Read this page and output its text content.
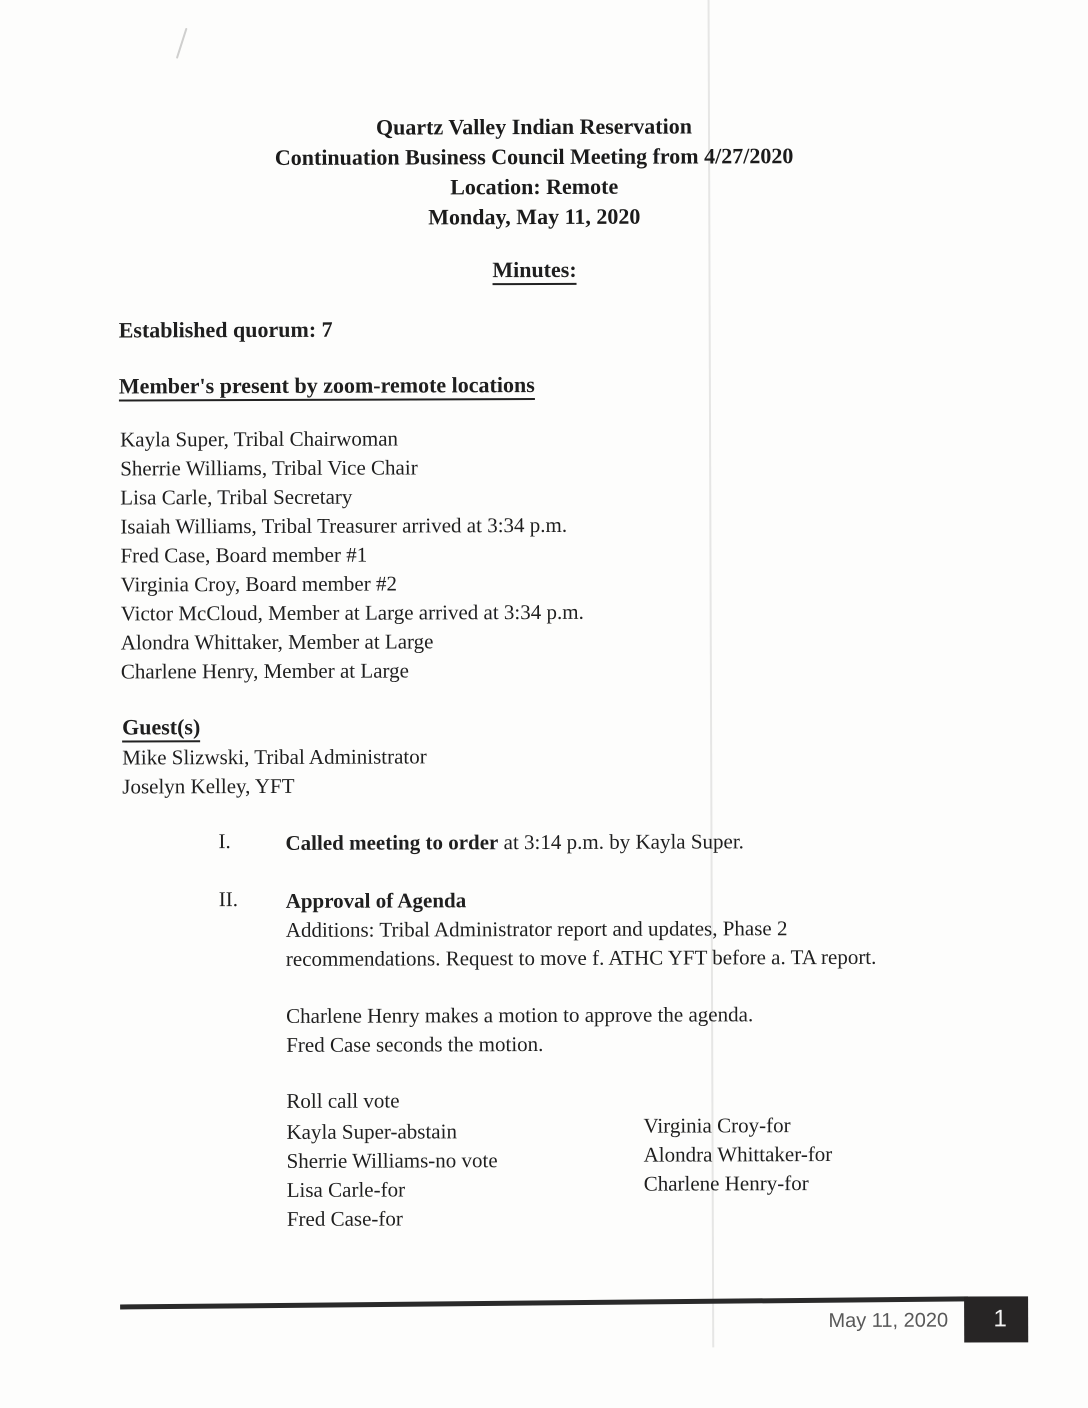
Quartz Valley Indian Reservation
Continuation Business Council Meeting from 4/27/2020
Location: Remote
Monday, May 11, 2020
Minutes:
Established quorum: 7
Member's present by zoom-remote locations
Kayla Super, Tribal Chairwoman
Sherrie Williams, Tribal Vice Chair
Lisa Carle, Tribal Secretary
Isaiah Williams, Tribal Treasurer arrived at 3:34 p.m.
Fred Case, Board member #1
Virginia Croy, Board member #2
Victor McCloud, Member at Large arrived at 3:34 p.m.
Alondra Whittaker, Member at Large
Charlene Henry, Member at Large
Guest(s)
Mike Slizwski, Tribal Administrator
Joselyn Kelley, YFT
I.	Called meeting to order at 3:14 p.m. by Kayla Super.
II. Approval of Agenda
Additions: Tribal Administrator report and updates, Phase 2
recommendations. Request to move f. ATHC YFT before a. TA report.
Charlene Henry makes a motion to approve the agenda.
Fred Case seconds the motion.
Roll call vote
Kayla Super-abstain
Sherrie Williams-no vote
Lisa Carle-for
Fred Case-for
Virginia Croy-for
Alondra Whittaker-for
Charlene Henry-for
May 11, 2020 1
